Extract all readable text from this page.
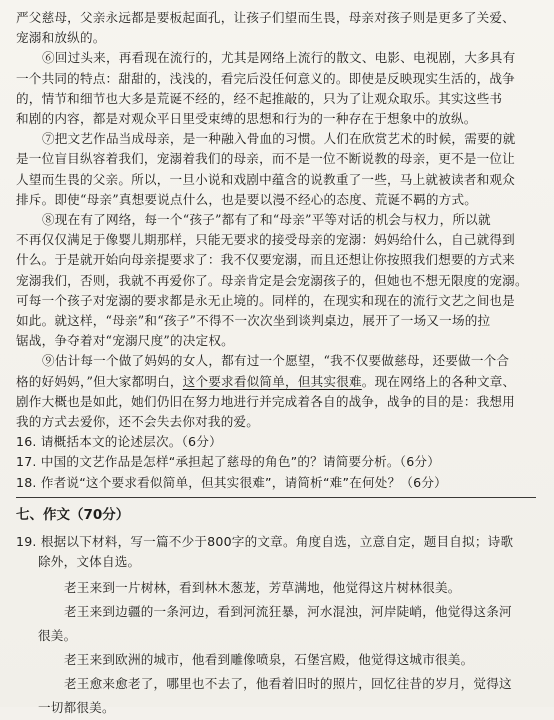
严父慈母，父亲永远都是要板起面孔，让孩子们望而生畏，母亲对孩子则是更多了关爱、
宠溺和放纵的。
⑥回过头来，再看现在流行的，尤其是网络上流行的散文、电影、电视剧，大多具有
一个共同的特点：甜甜的，浅浅的，看完后没任何意义的。即使是反映现实生活的，战争
的，情节和细节也大多是荒诞不经的，经不起推敲的，只为了让观众取乐。其实这些书
和剧的内容，都是对观众平日里受束缚的思想和行为的一种存在于想象中的放纵。
⑦把文艺作品当成母亲，是一种融入骨血的习惯。人们在欣赏艺术的时候，需要的就
是一位盲目纵容着我们，宠溺着我们的母亲，而不是一位不断说教的母亲，更不是一位让
人望而生畏的父亲。所以，一旦小说和戏剧中蕴含的说教重了一些，马上就被读者和观众
排斥。即使“母亲”真想要说点什么，也是要以漫不经心的态度、荒诞不羁的方式。
⑧现在有了网络，每一个“孩子”都有了和“母亲”平等对话的机会与权力，所以就
不再仅仅满足于像婴儿期那样，只能无要求的接受母亲的宠溺：妈妈给什么，自己就得到
什么。于是就开始向母亲提要求了：我不仅要宠溺，而且还想让你按照我们想要的方式来
宠溺我们，否则，我就不再爱你了。母亲肯定是会宠溺孩子的，但她也不想无限度的宠溺。
可每一个孩子对宠溺的要求都是永无止境的。同样的，在现实和现在的流行文艺之间也是
如此。就这样，“母亲”和“孩子”不得不一次次坐到谈判桌边，展开了一场又一场的拉
锯战，争夺着对“宠溺尺度”的决定权。
⑨估计每一个做了妈妈的女人，都有过一个愿望，“我不仅要做慈母，还要做一个合
格的好妈妈，”但大家都明白，这个要求看似简单，但其实很难。现在网络上的各种文章、
剧作大概也是如此，她们仍旧在努力地进行并完成着各自的战争，战争的目的是：我想用
我的方式去爱你，还不会失去你对我的爱。
16. 请概括本文的论述层次。（6分）
17. 中国的文艺作品是怎样“承担起了慈母的角色”的？请简要分析。（6分）
18. 作者说“这个要求看似简单，但其实很难”，请简析“难”在何处？（6分）
七、作文（70分）
19. 根据以下材料，写一篇不少于800字的文章。角度自选，立意自定，题目自拟；诗歌
除外，文体自选。
老王来到一片树林，看到林木葱茏，芳草满地，他觉得这片树林很美。
老王来到边疆的一条河边，看到河流狂暴，河水混浊，河岸陡峭，他觉得这条河
很美。
老王来到欧洲的城市，他看到雕像喷泉，石堡宫殿，他觉得这城市很美。
老王愈来愈老了，哪里也不去了，他看着旧时的照片，回忆往昔的岁月，觉得这
一切都很美。
